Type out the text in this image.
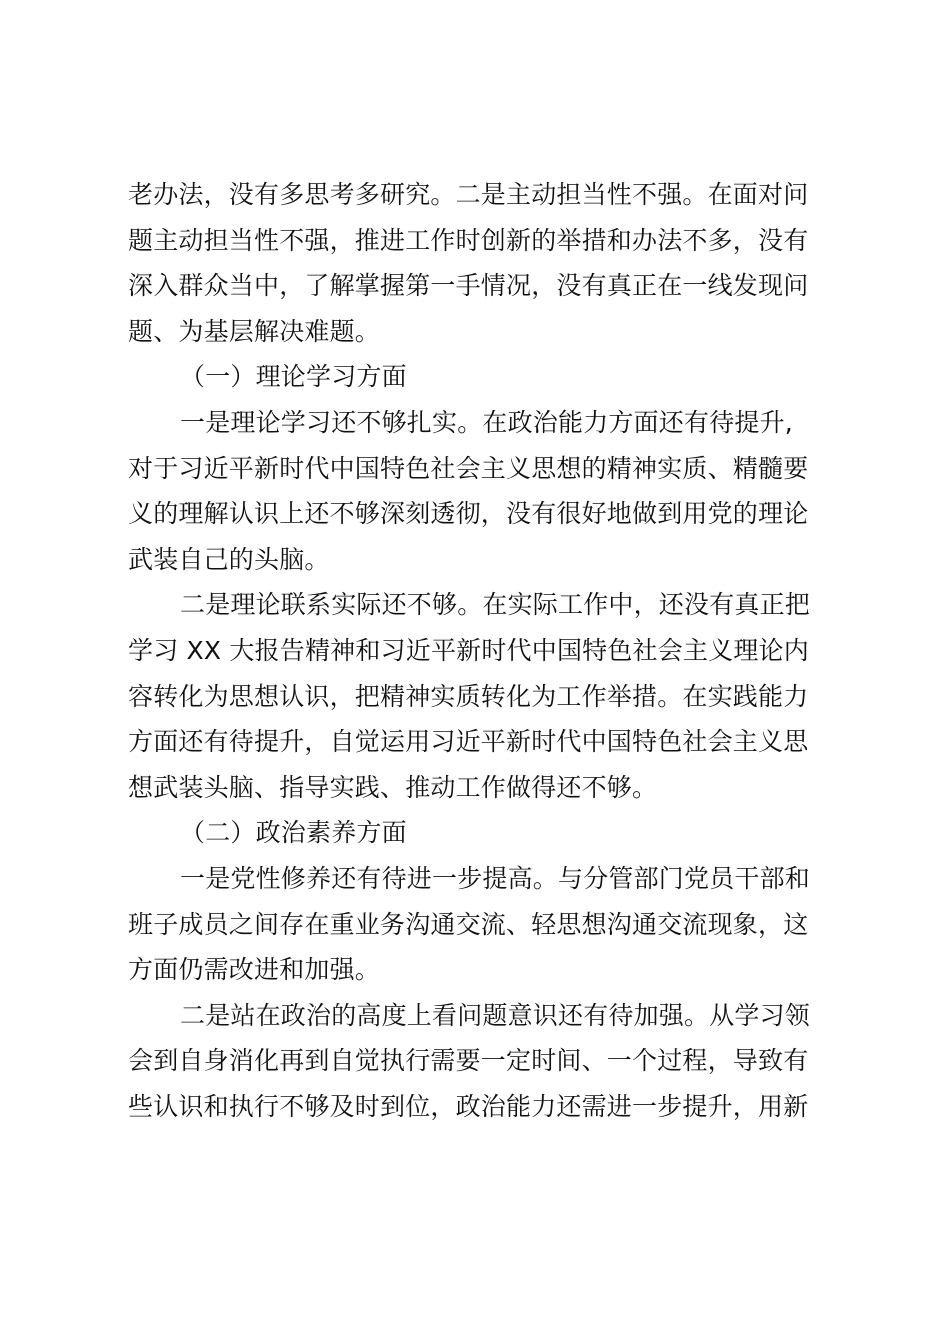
老办法，没有多思考多研究。二是主动担当性不强。在面对问
题主动担当性不强，推进工作时创新的举措和办法不多，没有
深入群众当中，了解掌握第一手情况，没有真正在一线发现问
题、为基层解决难题。
（一）理论学习方面
一是理论学习还不够扎实。在政治能力方面还有待提升,
对于习近平新时代中国特色社会主义思想的精神实质、精髓要
义的理解认识上还不够深刻透彻，没有很好地做到用党的理论
武装自己的头脑。
二是理论联系实际还不够。在实际工作中，还没有真正把
学习 XX 大报告精神和习近平新时代中国特色社会主义理论内
容转化为思想认识，把精神实质转化为工作举措。在实践能力
方面还有待提升，自觉运用习近平新时代中国特色社会主义思
想武装头脑、指导实践、推动工作做得还不够。
（二）政治素养方面
一是党性修养还有待进一步提高。与分管部门党员干部和
班子成员之间存在重业务沟通交流、轻思想沟通交流现象，这
方面仍需改进和加强。
二是站在政治的高度上看问题意识还有待加强。从学习领
会到自身消化再到自觉执行需要一定时间、一个过程，导致有
些认识和执行不够及时到位，政治能力还需进一步提升，用新
